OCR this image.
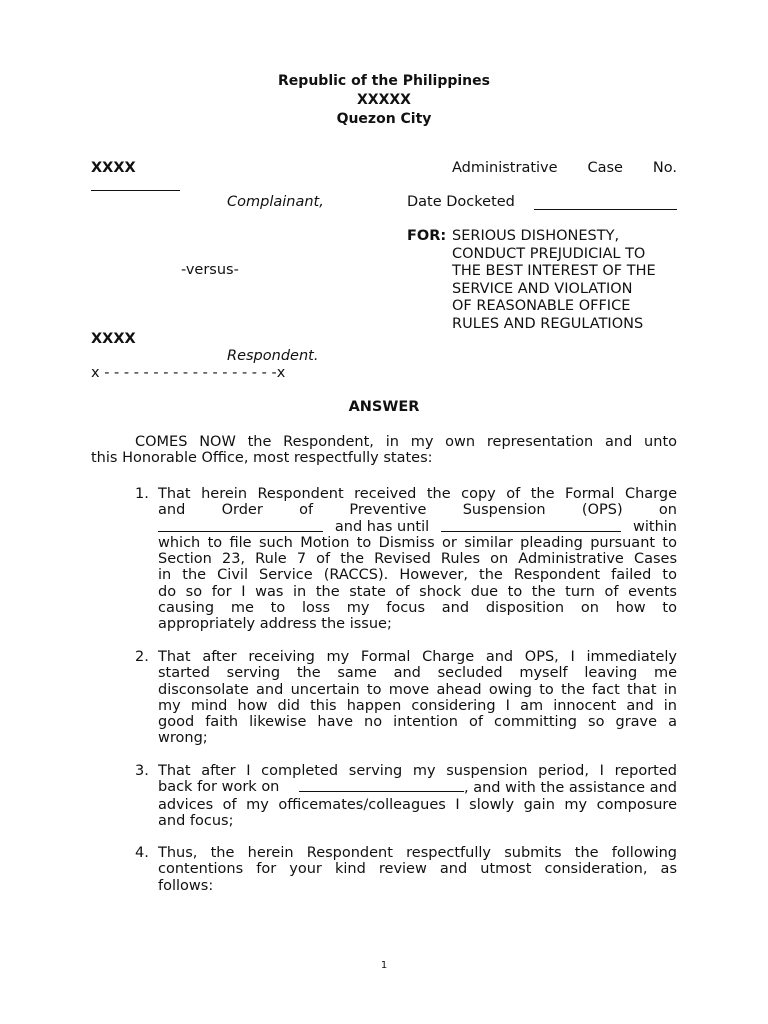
Republic of the Philippines
XXXXX
Quezon City
XXXX
Complainant,
-versus-
XXXX
Respondent.
x - - - - - - - - - - - - - - - - - -x
Administrative Case No.
Date Docketed
FOR: SERIOUS DISHONESTY,
CONDUCT PREJUDICIAL TO
THE BEST INTEREST OF THE
SERVICE AND VIOLATION
OF REASONABLE OFFICE
RULES AND REGULATIONS
ANSWER
COMES NOW the Respondent, in my own representation and unto
this Honorable Office, most respectfully states:
1. That herein Respondent received the copy of the Formal Charge
and Order of Preventive Suspension (OPS) on
and has until	within
which to file such Motion to Dismiss or similar pleading pursuant to
Section 23, Rule 7 of the Revised Rules on Administrative Cases
in the Civil Service (RACCS). However, the Respondent failed to
do so for I was in the state of shock due to the turn of events
causing me to loss my focus and disposition on how to
appropriately address the issue;
2. That after receiving my Formal Charge and OPS, I immediately
started serving the same and secluded myself leaving me
disconsolate and uncertain to move ahead owing to the fact that in
my mind how did this happen considering I am innocent and in
good faith likewise have no intention of committing so grave a
wrong;
3. That after I completed serving my suspension period, I reported
back for work on	, and with the assistance and
advices of my officemates/colleagues I slowly gain my composure
and focus;
4. Thus, the herein Respondent respectfully submits the following
contentions for your kind review and utmost consideration, as
follows:
1
